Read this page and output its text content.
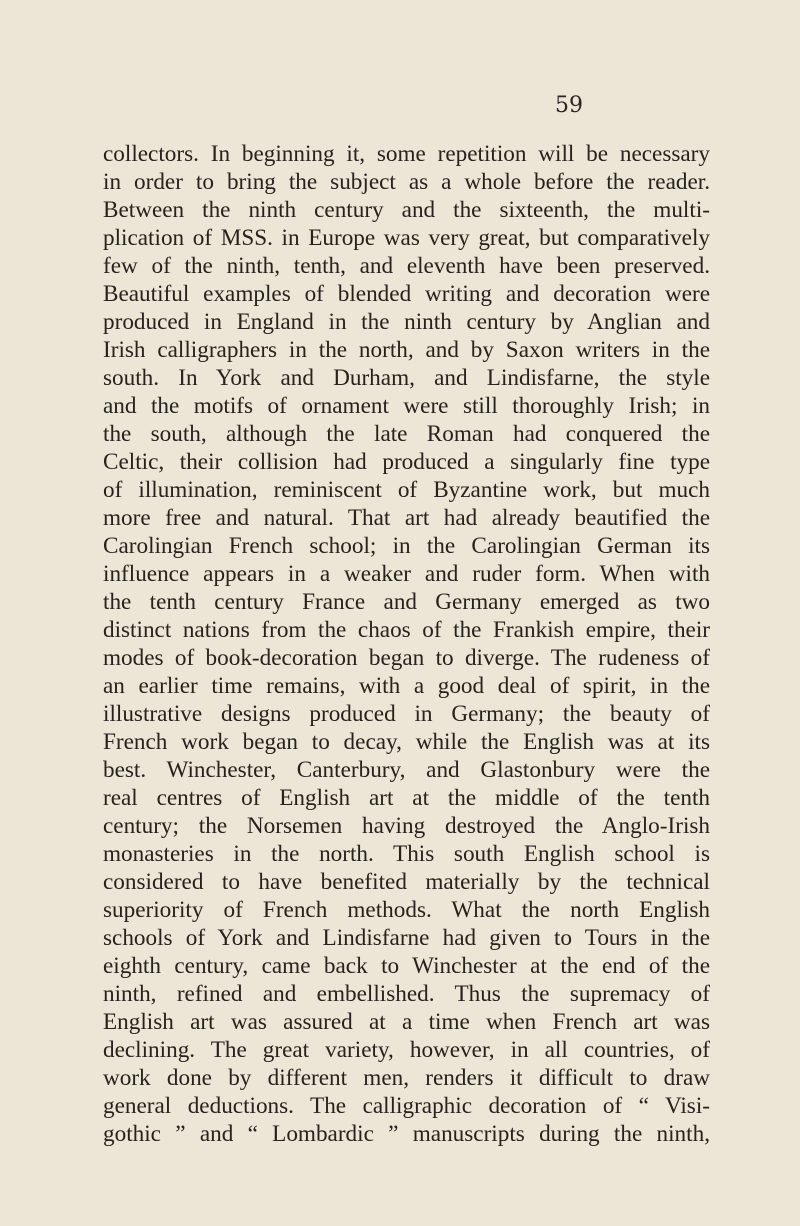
59
collectors. In beginning it, some repetition will be necessary
in order to bring the subject as a whole before the reader.
Between the ninth century and the sixteenth, the multi-
plication of MSS. in Europe was very great, but comparatively
few of the ninth, tenth, and eleventh have been preserved.
Beautiful examples of blended writing and decoration were
produced in England in the ninth century by Anglian and
Irish calligraphers in the north, and by Saxon writers in the
south. In York and Durham, and Lindisfarne, the style
and the motifs of ornament were still thoroughly Irish; in
the south, although the late Roman had conquered the
Celtic, their collision had produced a singularly fine type
of illumination, reminiscent of Byzantine work, but much
more free and natural. That art had already beautified the
Carolingian French school; in the Carolingian German its
influence appears in a weaker and ruder form. When with
the tenth century France and Germany emerged as two
distinct nations from the chaos of the Frankish empire, their
modes of book-decoration began to diverge. The rudeness of
an earlier time remains, with a good deal of spirit, in the
illustrative designs produced in Germany; the beauty of
French work began to decay, while the English was at its
best. Winchester, Canterbury, and Glastonbury were the
real centres of English art at the middle of the tenth
century; the Norsemen having destroyed the Anglo-Irish
monasteries in the north. This south English school is
considered to have benefited materially by the technical
superiority of French methods. What the north English
schools of York and Lindisfarne had given to Tours in the
eighth century, came back to Winchester at the end of the
ninth, refined and embellished. Thus the supremacy of
English art was assured at a time when French art was
declining. The great variety, however, in all countries, of
work done by different men, renders it difficult to draw
general deductions. The calligraphic decoration of “ Visi-
gothic ” and “ Lombardic ” manuscripts during the ninth,
